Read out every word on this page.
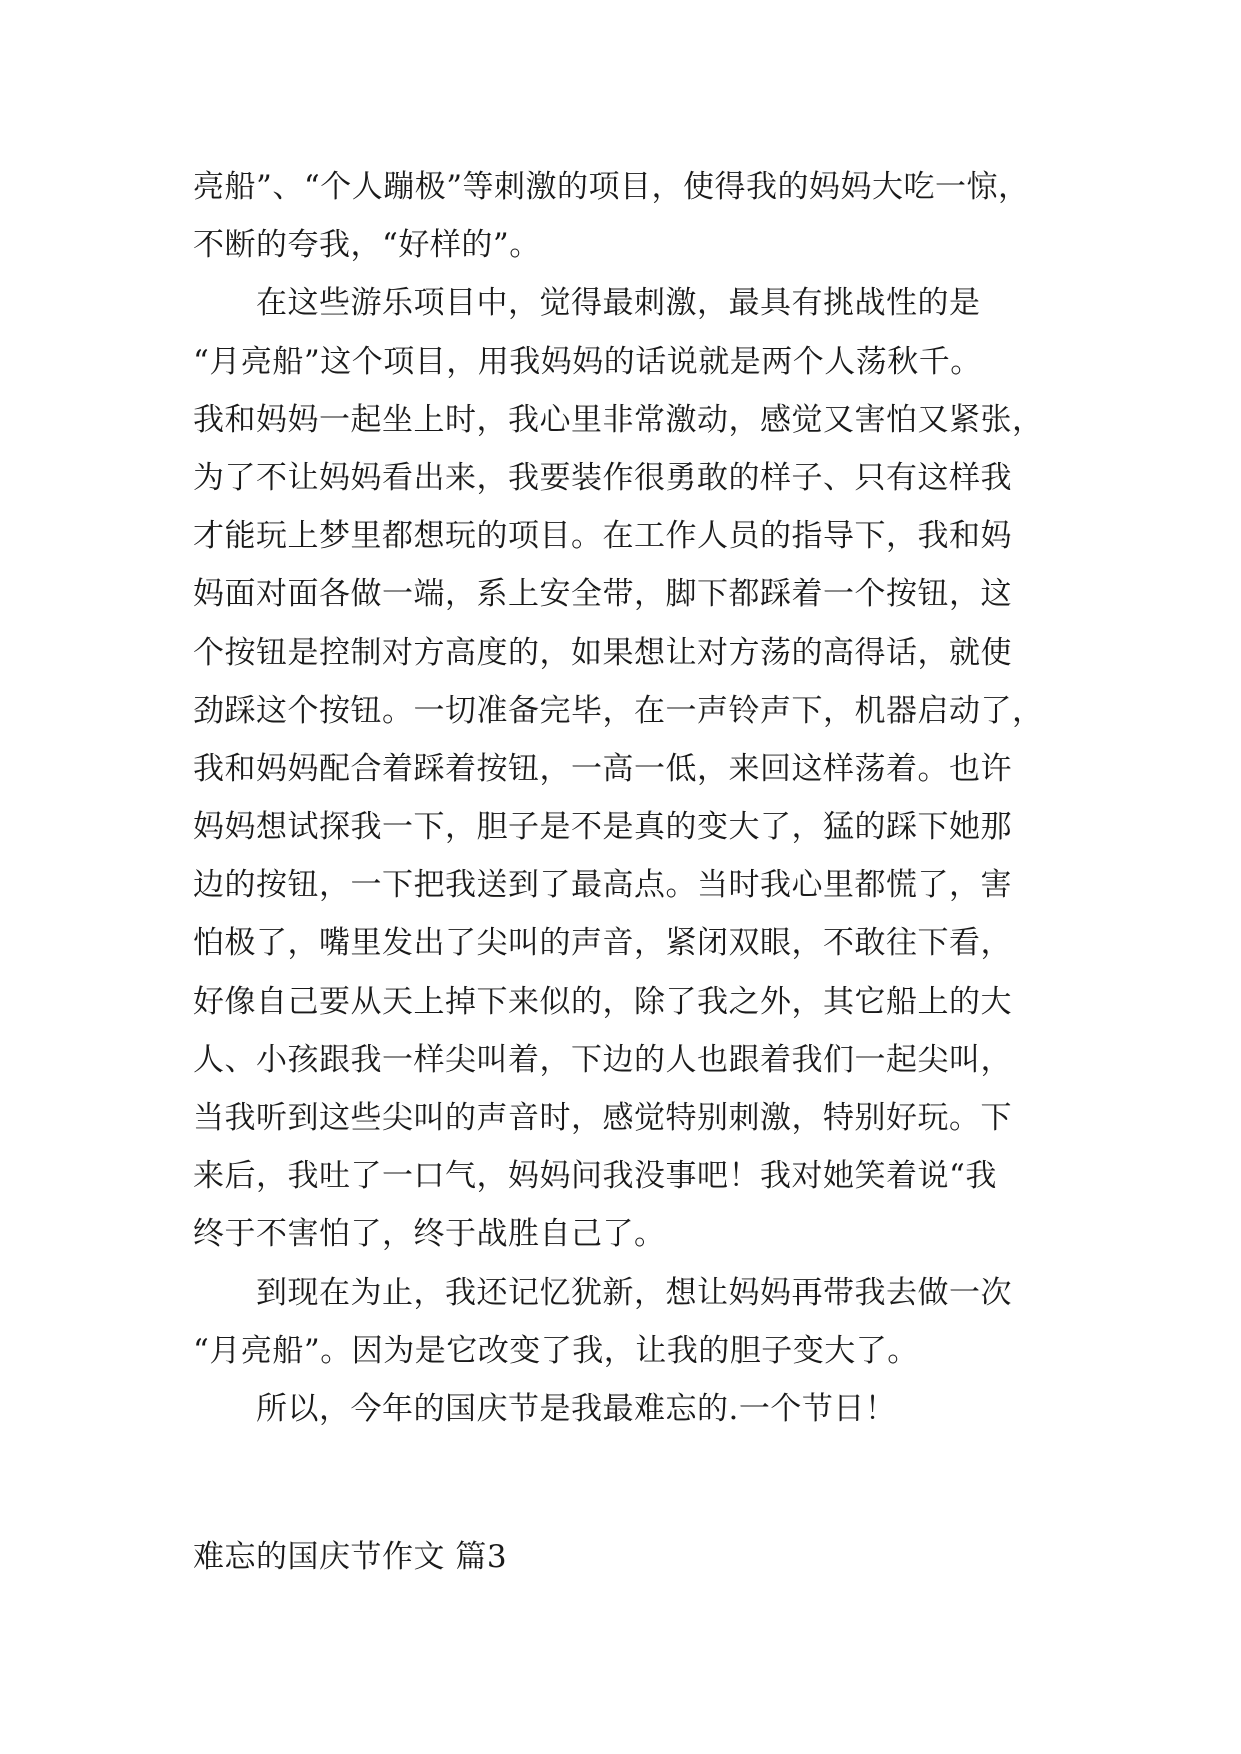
亮船”、“个人蹦极”等刺激的项目，使得我的妈妈大吃一惊，
不断的夸我，“好样的”。
　　在这些游乐项目中，觉得最刺激，最具有挑战性的是
“月亮船”这个项目，用我妈妈的话说就是两个人荡秋千。
我和妈妈一起坐上时，我心里非常激动，感觉又害怕又紧张，
为了不让妈妈看出来，我要装作很勇敢的样子、只有这样我
才能玩上梦里都想玩的项目。在工作人员的指导下，我和妈
妈面对面各做一端，系上安全带，脚下都踩着一个按钮，这
个按钮是控制对方高度的，如果想让对方荡的高得话，就使
劲踩这个按钮。一切准备完毕，在一声铃声下，机器启动了，
我和妈妈配合着踩着按钮，一高一低，来回这样荡着。也许
妈妈想试探我一下，胆子是不是真的变大了，猛的踩下她那
边的按钮，一下把我送到了最高点。当时我心里都慌了，害
怕极了，嘴里发出了尖叫的声音，紧闭双眼，不敢往下看，
好像自己要从天上掉下来似的，除了我之外，其它船上的大
人、小孩跟我一样尖叫着，下边的人也跟着我们一起尖叫，
当我听到这些尖叫的声音时，感觉特别刺激，特别好玩。下
来后，我吐了一口气，妈妈问我没事吧！我对她笑着说“我
终于不害怕了，终于战胜自己了。
　　到现在为止，我还记忆犹新，想让妈妈再带我去做一次
“月亮船”。因为是它改变了我，让我的胆子变大了。
　　所以，今年的国庆节是我最难忘的.一个节日！
难忘的国庆节作文 篇3
